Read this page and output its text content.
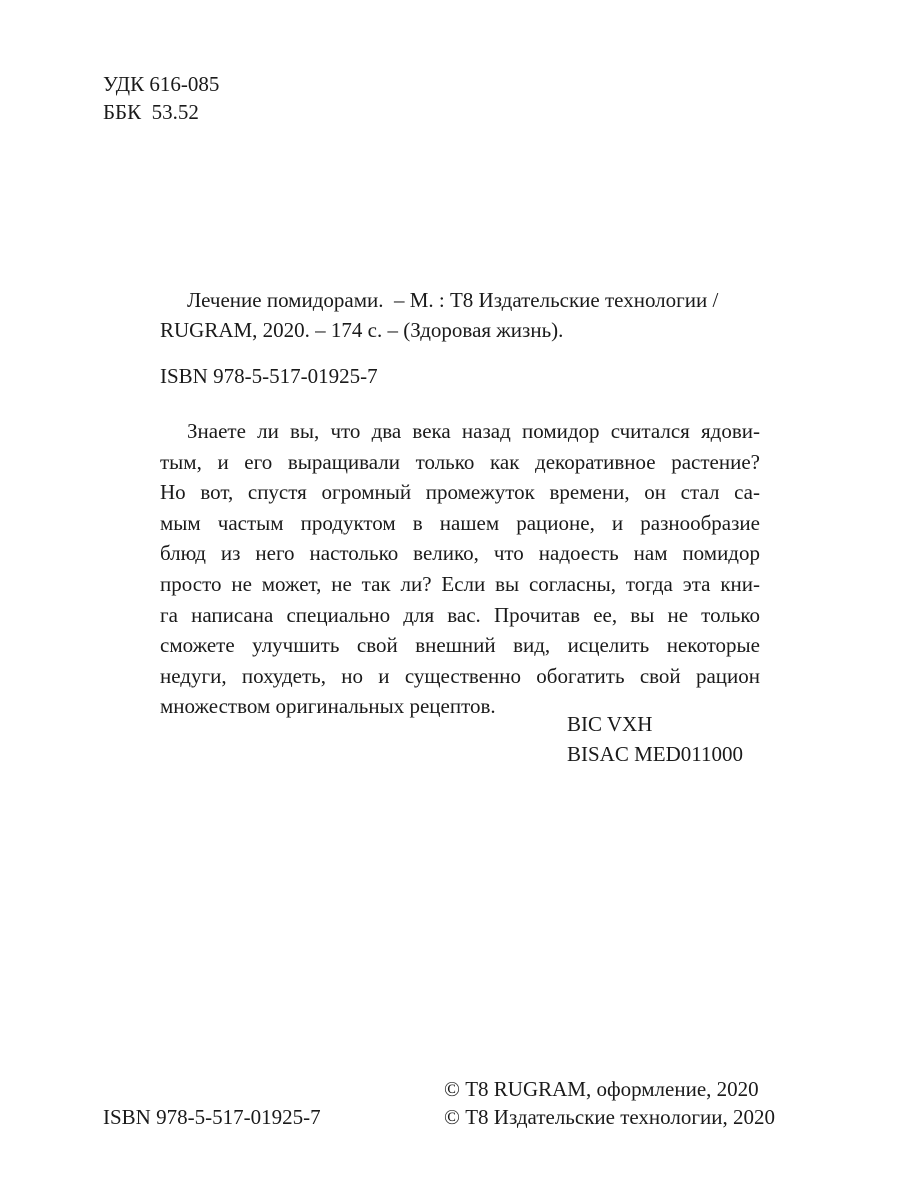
УДК 616-085
ББК  53.52
Лечение помидорами.  – М. : Т8 Издательские технологии /
RUGRAM, 2020. – 174 с. – (Здоровая жизнь).
ISBN 978-5-517-01925-7
Знаете ли вы, что два века назад помидор считался ядови-
тым, и его выращивали только как декоративное растение?
Но вот, спустя огромный промежуток времени, он стал са-
мым частым продуктом в нашем рационе, и разнообразие
блюд из него настолько велико, что надоесть нам помидор
просто не может, не так ли? Если вы согласны, тогда эта кни-
га написана специально для вас. Прочитав ее, вы не только
сможете улучшить свой внешний вид, исцелить некоторые
недуги, похудеть, но и существенно обогатить свой рацион
множеством оригинальных рецептов.
BIC VXH
BISAC MED011000
© Т8 RUGRAM, оформление, 2020
© Т8 Издательские технологии, 2020
ISBN 978-5-517-01925-7
